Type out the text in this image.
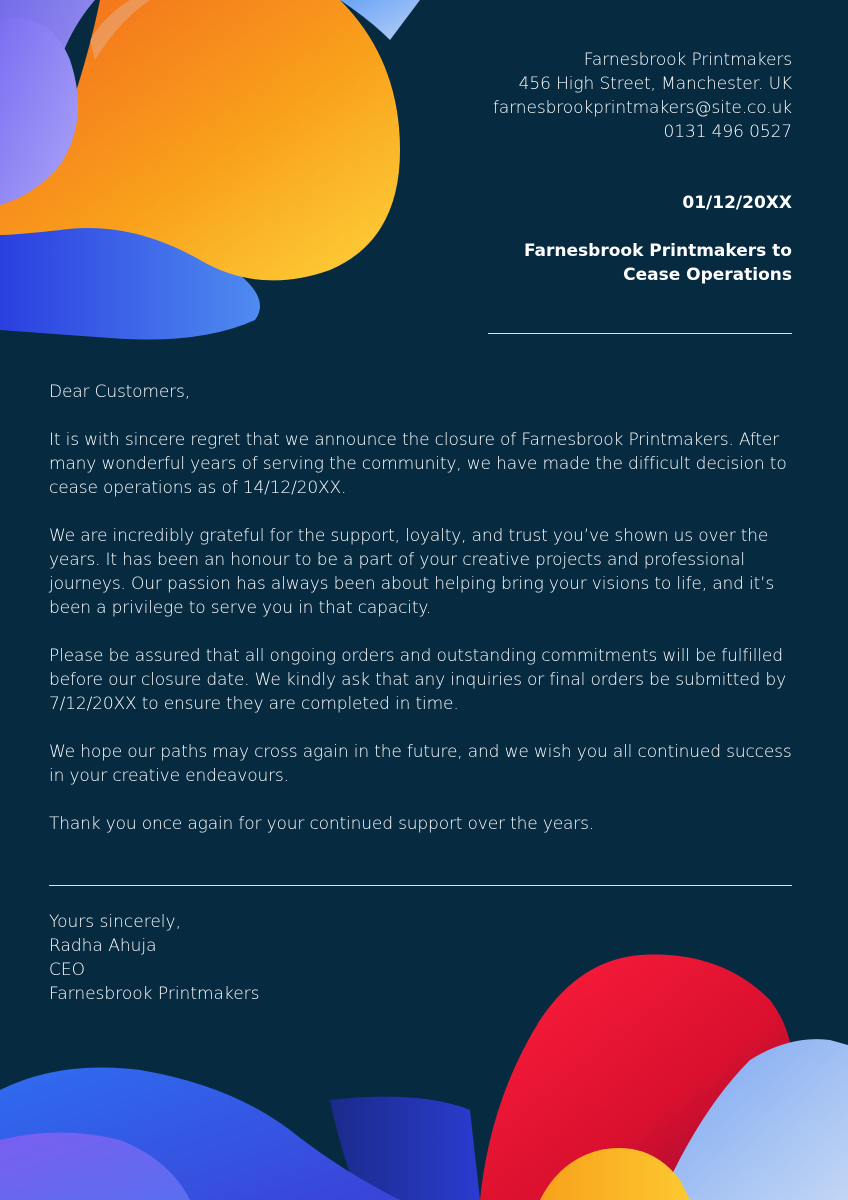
Farnesbrook Printmakers
456 High Street, Manchester. UK
farnesbrookprintmakers@site.co.uk
0131 496 0527
01/12/20XX
Farnesbrook Printmakers to Cease Operations

Dear Customers,

It is with sincere regret that we announce the closure of Farnesbrook Printmakers. After many wonderful years of serving the community, we have made the difficult decision to cease operations as of 14/12/20XX.

We are incredibly grateful for the support, loyalty, and trust you’ve shown us over the years. It has been an honour to be a part of your creative projects and professional journeys. Our passion has always been about helping bring your visions to life, and it’s been a privilege to serve you in that capacity.

Please be assured that all ongoing orders and outstanding commitments will be fulfilled before our closure date. We kindly ask that any inquiries or final orders be submitted by 7/12/20XX to ensure they are completed in time.

We hope our paths may cross again in the future, and we wish you all continued success in your creative endeavours.

Thank you once again for your continued support over the years.

Yours sincerely,
Radha Ahuja
CEO
Farnesbrook Printmakers
